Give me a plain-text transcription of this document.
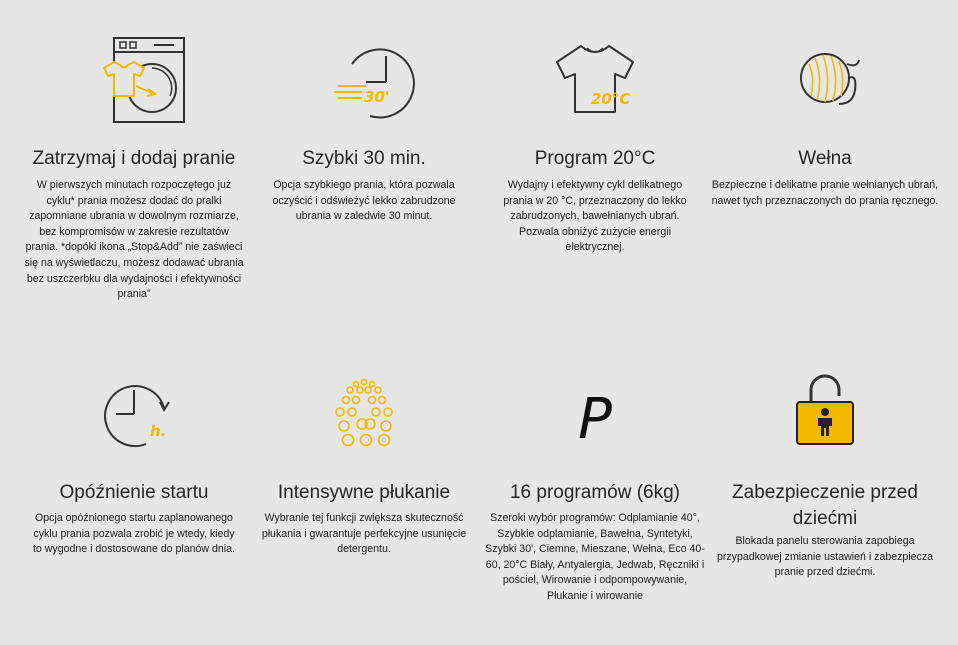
Zatrzymaj i dodaj pranie
W pierwszych minutach rozpoczętego już cyklu* prania możesz dodać do pralki zapomniane ubrania w dowolnym rozmiarze, bez kompromisów w zakresie rezultatów prania. *dopóki ikona „Stop&Add” nie zaświeci się na wyświetlaczu, możesz dodawać ubrania bez uszczerbku dla wydajności i efektywności prania”
30'
Szybki 30 min.
Opcja szybkiego prania, która pozwala oczyścić i odświeżyć lekko zabrudzone ubrania w zaledwie 30 minut.
20°C
Program 20°C
Wydajny i efektywny cykl delikatnego prania w 20 °C, przeznaczony do lekko zabrudzonych, bawełnianych ubrań. Pozwala obniżyć zużycie energii elektrycznej.
Wełna
Bezpieczne i delikatne pranie wełnianych ubrań, nawet tych przeznaczonych do prania ręcznego.
h.
Opóźnienie startu
Opcja opóźnionego startu zaplanowanego cyklu prania pozwala zrobić je wtedy, kiedy to wygodne i dostosowane do planów dnia.
Intensywne płukanie
Wybranie tej funkcji zwiększa skuteczność płukania i gwarantuje perfekcyjne usunięcie detergentu.
P
16 programów (6kg)
Szeroki wybór programów: Odplamianie 40°, Szybkie odplamianie, Bawełna, Syntetyki, Szybki 30', Ciemne, Mieszane, Wełna, Eco 40-60, 20°C Biały, Antyalergia, Jedwab, Ręczniki i pościel, Wirowanie i odpompowywanie, Płukanie i wirowanie
Zabezpieczenie przed dziećmi
Blokada panelu sterowania zapobiega przypadkowej zmianie ustawień i zabezpiecza pranie przed dziećmi.
